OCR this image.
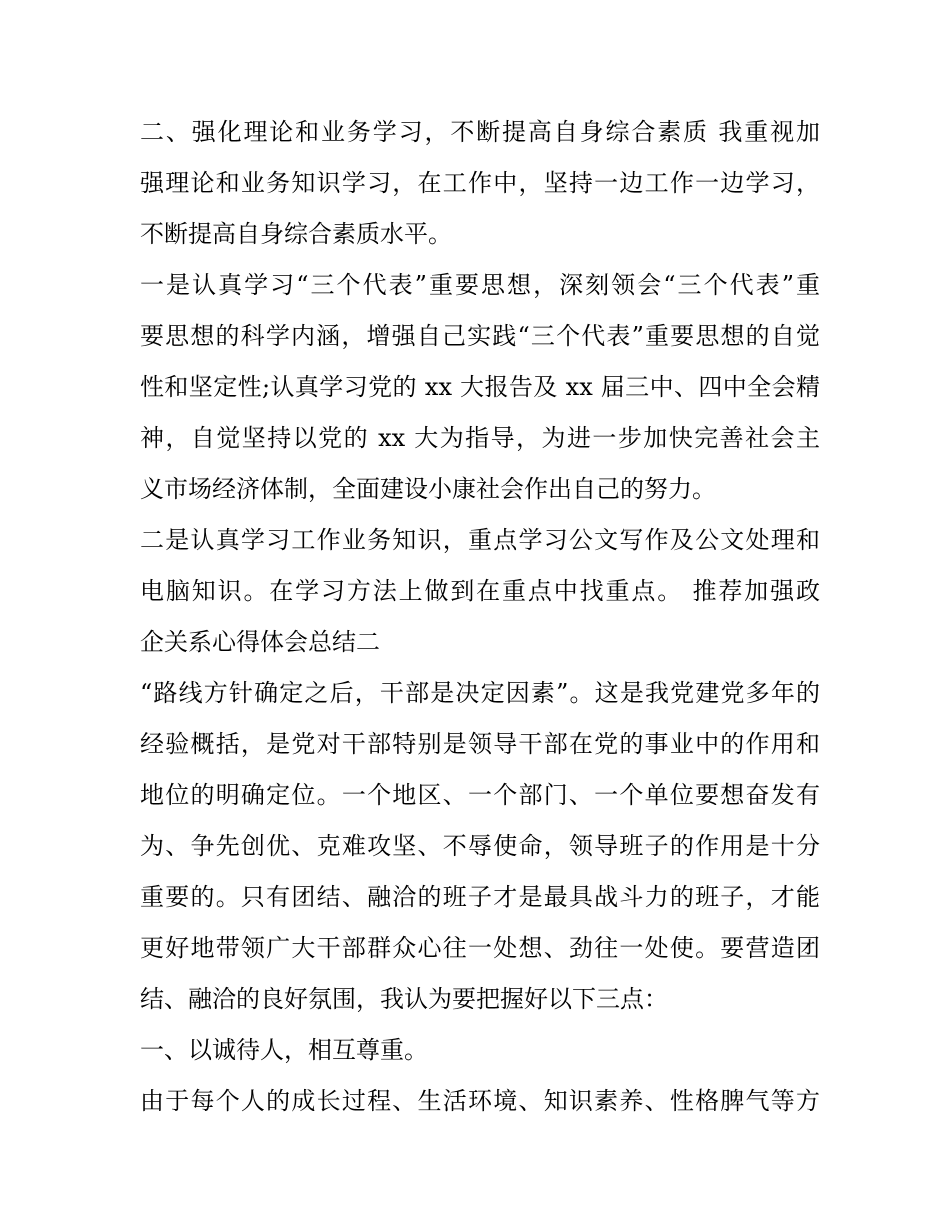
二、强化理论和业务学习，不断提高自身综合素质 我重视加
强理论和业务知识学习，在工作中，坚持一边工作一边学习，
不断提高自身综合素质水平。
一是认真学习“三个代表”重要思想，深刻领会“三个代表”重
要思想的科学内涵，增强自己实践“三个代表”重要思想的自觉
性和坚定性;认真学习党的 xx 大报告及 xx 届三中、四中全会精
神，自觉坚持以党的 xx 大为指导，为进一步加快完善社会主
义市场经济体制，全面建设小康社会作出自己的努力。
二是认真学习工作业务知识，重点学习公文写作及公文处理和
电脑知识。在学习方法上做到在重点中找重点。 推荐加强政
企关系心得体会总结二
“路线方针确定之后，干部是决定因素”。这是我党建党多年的
经验概括，是党对干部特别是领导干部在党的事业中的作用和
地位的明确定位。一个地区、一个部门、一个单位要想奋发有
为、争先创优、克难攻坚、不辱使命，领导班子的作用是十分
重要的。只有团结、融洽的班子才是最具战斗力的班子，才能
更好地带领广大干部群众心往一处想、劲往一处使。要营造团
结、融洽的良好氛围，我认为要把握好以下三点：
一、以诚待人，相互尊重。
由于每个人的成长过程、生活环境、知识素养、性格脾气等方
